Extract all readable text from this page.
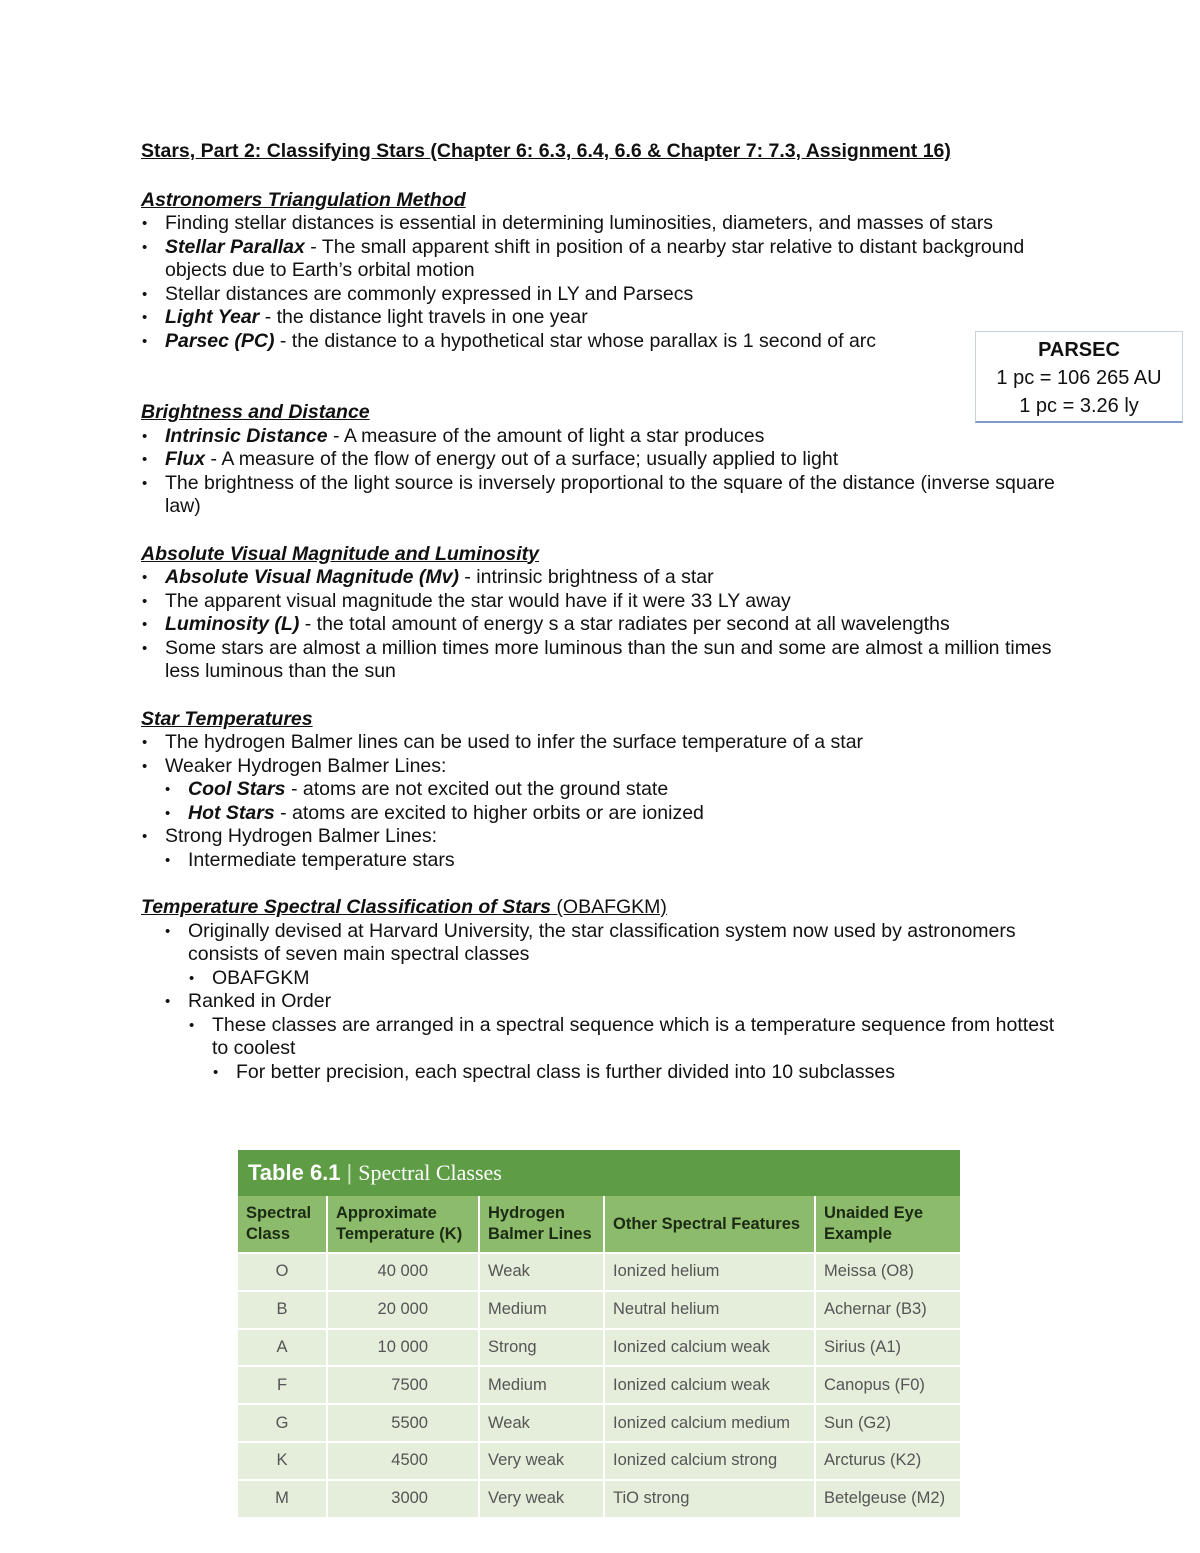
Stars, Part 2: Classifying Stars (Chapter 6: 6.3, 6.4, 6.6 & Chapter 7: 7.3, Assignment 16)

Astronomers Triangulation Method

• Finding stellar distances is essential in determining luminosities, diameters, and masses of stars
• Stellar Parallax - The small apparent shift in position of a nearby star relative to distant background objects due to Earth’s orbital motion
• Stellar distances are commonly expressed in LY and Parsecs
• Light Year - the distance light travels in one year
• Parsec (PC) - the distance to a hypothetical star whose parallax is 1 second of arc

Brightness and Distance

• Intrinsic Distance - A measure of the amount of light a star produces
• Flux - A measure of the flow of energy out of a surface; usually applied to light
• The brightness of the light source is inversely proportional to the square of the distance (inverse square law)

Absolute Visual Magnitude and Luminosity

• Absolute Visual Magnitude (Mv) - intrinsic brightness of a star
• The apparent visual magnitude the star would have if it were 33 LY away
• Luminosity (L) - the total amount of energy s a star radiates per second at all wavelengths
• Some stars are almost a million times more luminous than the sun and some are almost a million times less luminous than the sun

Star Temperatures

• The hydrogen Balmer lines can be used to infer the surface temperature of a star
• Weaker Hydrogen Balmer Lines:
• Cool Stars - atoms are not excited out the ground state
• Hot Stars - atoms are excited to higher orbits or are ionized
• Strong Hydrogen Balmer Lines:
• Intermediate temperature stars

Temperature Spectral Classification of Stars (OBAFGKM)

• Originally devised at Harvard University, the star classification system now used by astronomers consists of seven main spectral classes
• OBAFGKM
• Ranked in Order
• These classes are arranged in a spectral sequence which is a temperature sequence from hottest to coolest
• For better precision, each spectral class is further divided into 10 subclasses
PARSEC
1 pc = 106 265 AU
1 pc = 3.26 ly
Table 6.1 | Spectral Classes
Spectral Class	Approximate Temperature (K)	Hydrogen Balmer Lines	Other Spectral Features	Unaided Eye Example
O	40 000	Weak	Ionized helium	Meissa (O8)
B	20 000	Medium	Neutral helium	Achernar (B3)
A	10 000	Strong	Ionized calcium weak	Sirius (A1)
F	7500	Medium	Ionized calcium weak	Canopus (F0)
G	5500	Weak	Ionized calcium medium	Sun (G2)
K	4500	Very weak	Ionized calcium strong	Arcturus (K2)
M	3000	Very weak	TiO strong	Betelgeuse (M2)
